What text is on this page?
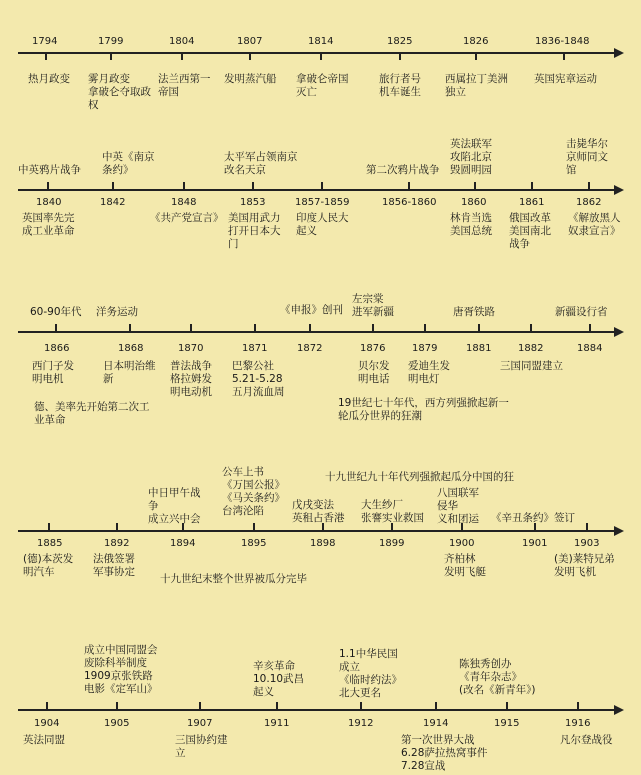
1794	1799	1804	1807	1814	1825	1826	1836-1848
热月政变 雾月政变
拿破仑夺取政
权
法兰西第一
帝国
发明蒸汽船 拿破仑帝国
灭亡
旅行者号
机车诞生
西属拉丁美洲
独立
英国宪章运动
1840	1842	1848	1853	1857-1859	1856-1860 1860	1861	1862
中英鸦片战争
中英《南京
条约》
太平军占领南京
改名天京	第二次鸦片战争
英法联军
攻陷北京
毁圆明园
击毙华尔
京师同文
馆
英国率先完
成工业革命
《共产党宣言》 美国用武力
打开日本大
门
印度人民大
起义
林肯当选
美国总统
俄国改革
美国南北
战争
《解放黑人
奴隶宣言》
1866	1868	1870	1871	1872	1876	1879	1881	1882	1884
60-90年代 洋务运动	《申报》创刊
左宗棠
进军新疆	唐胥铁路	新疆设行省
西门子发
明电机
日本明治维
新
普法战争
格拉姆发
明电动机
巴黎公社
5.21-5.28
五月流血周
贝尔发
明电话
爱迪生发
明电灯
三国同盟建立
德、美率先开始第二次工
业革命
19世纪七十年代，西方列强掀起新一
轮瓜分世界的狂潮
1885	1892	1894	1895	1898	1899	1900	1901	1903
中日甲午战
争
成立兴中会
公车上书
《万国公报》
《马关条约》
台湾沦陷
十九世纪九十年代列强掀起瓜分中国的狂
戊戌变法
英租占香港
大生纱厂
张謇实业救国
八国联军
侵华
义和团运 《辛丑条约》签订
(德)本茨发
明汽车
法俄签署
军事协定
十九世纪末整个世界被瓜分完毕
齐柏林
发明飞艇
(美)莱特兄弟
发明飞机
1904	1905	1907	1911	1912	1914	1915	1916
成立中国同盟会
废除科举制度
1909京张铁路
电影《定军山》
辛亥革命
10.10武昌
起义
1.1中华民国
成立
《临时约法》
北大更名
陈独秀创办
《青年杂志》
(改名《新青年》)
英法同盟	三国协约建
立
第一次世界大战
6.28萨拉热窝事件
7.28宣战
凡尔登战役
